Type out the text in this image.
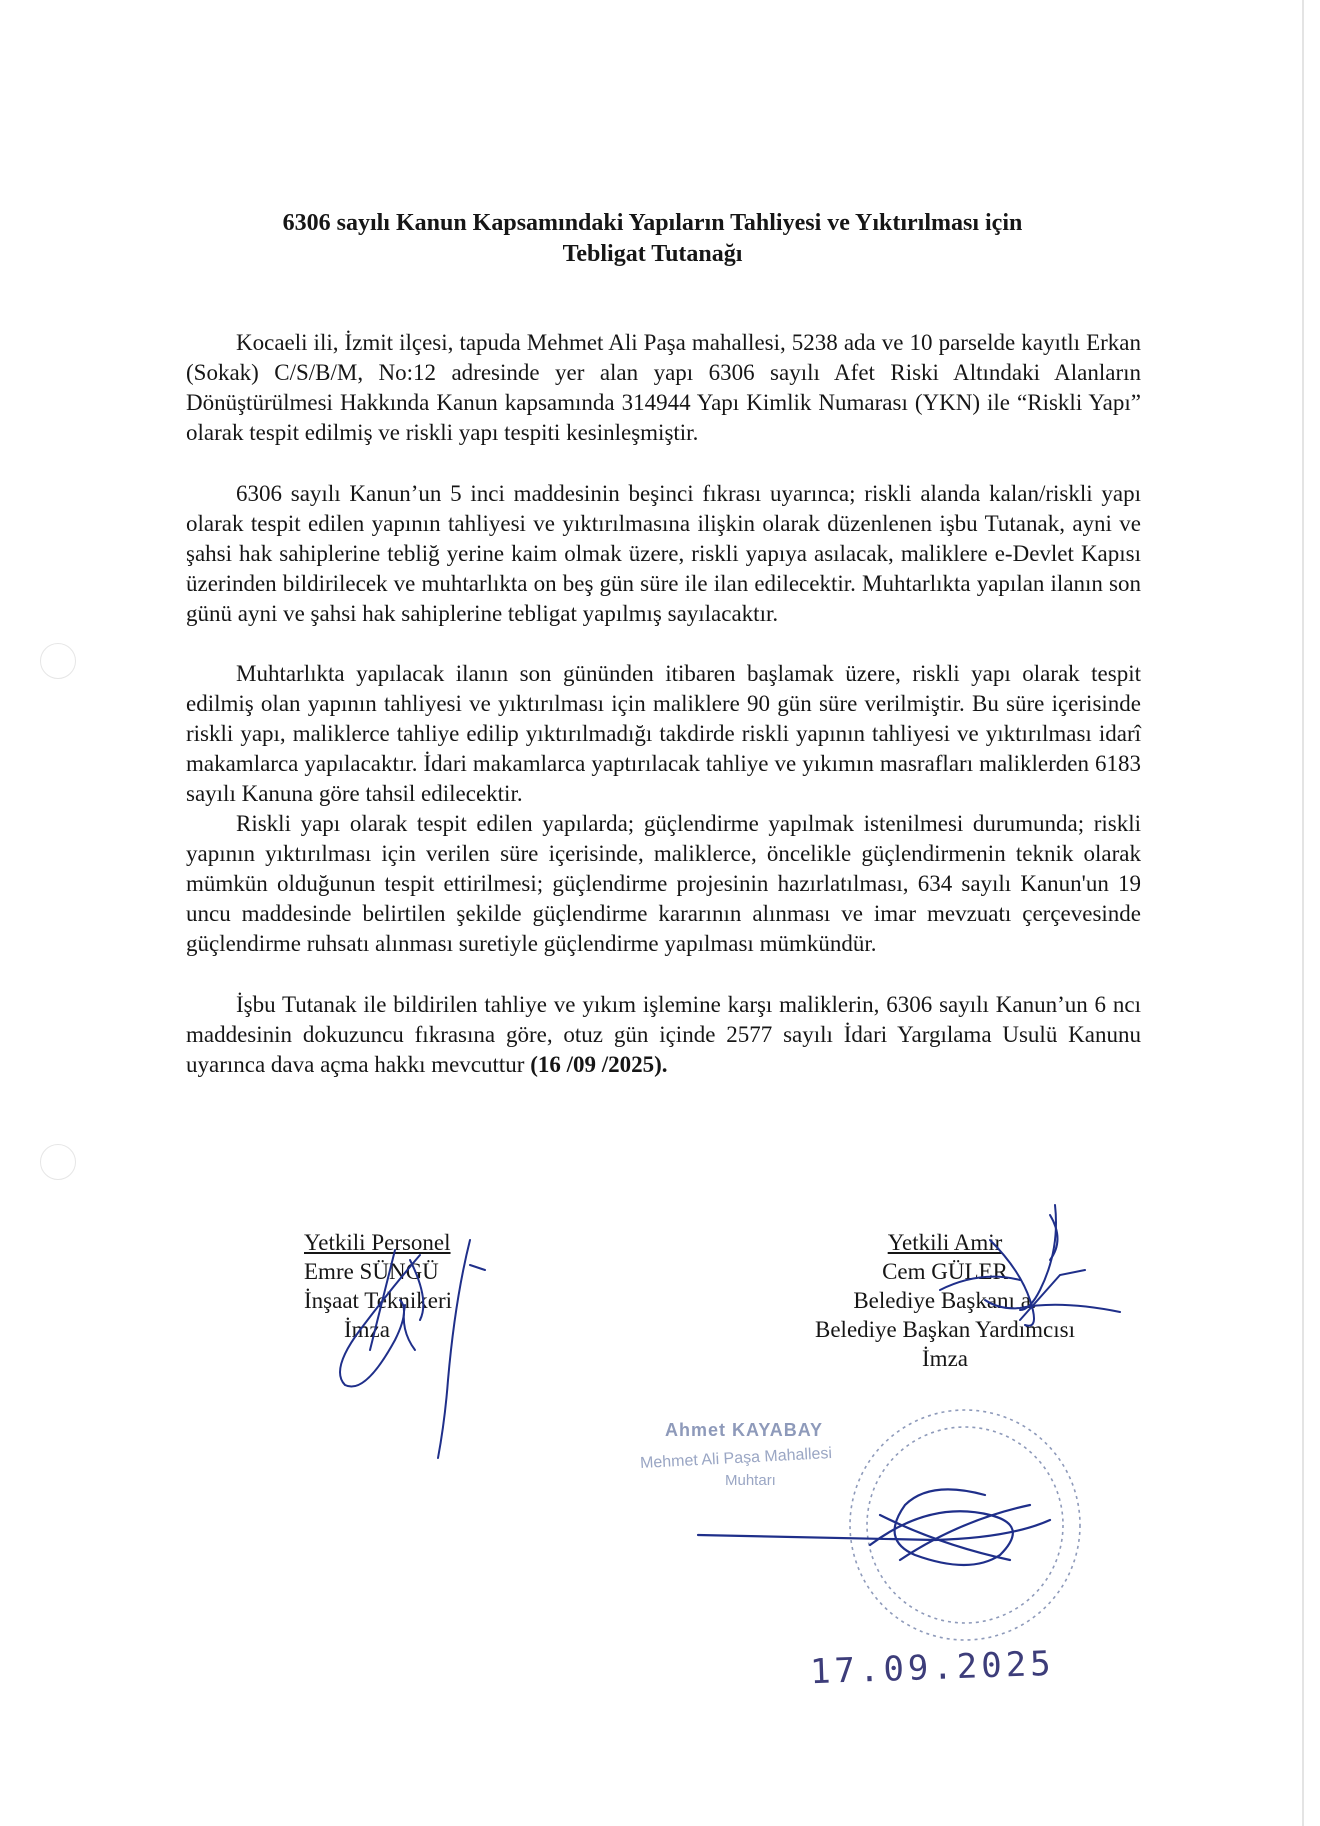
6306 sayılı Kanun Kapsamındaki Yapıların Tahliyesi ve Yıktırılması için
Tebligat Tutanağı

Kocaeli ili, İzmit ilçesi, tapuda Mehmet Ali Paşa mahallesi, 5238 ada ve 10 parselde kayıtlı Erkan (Sokak) C/S/B/M, No:12 adresinde yer alan yapı 6306 sayılı Afet Riski Altındaki Alanların Dönüştürülmesi Hakkında Kanun kapsamında 314944 Yapı Kimlik Numarası (YKN) ile “Riskli Yapı” olarak tespit edilmiş ve riskli yapı tespiti kesinleşmiştir.

6306 sayılı Kanun’un 5 inci maddesinin beşinci fıkrası uyarınca; riskli alanda kalan/riskli yapı olarak tespit edilen yapının tahliyesi ve yıktırılmasına ilişkin olarak düzenlenen işbu Tutanak, ayni ve şahsi hak sahiplerine tebliğ yerine kaim olmak üzere, riskli yapıya asılacak, maliklere e-Devlet Kapısı üzerinden bildirilecek ve muhtarlıkta on beş gün süre ile ilan edilecektir. Muhtarlıkta yapılan ilanın son günü ayni ve şahsi hak sahiplerine tebligat yapılmış sayılacaktır.

Muhtarlıkta yapılacak ilanın son gününden itibaren başlamak üzere, riskli yapı olarak tespit edilmiş olan yapının tahliyesi ve yıktırılması için maliklere 90 gün süre verilmiştir. Bu süre içerisinde riskli yapı, maliklerce tahliye edilip yıktırılmadığı takdirde riskli yapının tahliyesi ve yıktırılması idarî makamlarca yapılacaktır. İdari makamlarca yaptırılacak tahliye ve yıkımın masrafları maliklerden 6183 sayılı Kanuna göre tahsil edilecektir.

Riskli yapı olarak tespit edilen yapılarda; güçlendirme yapılmak istenilmesi durumunda; riskli yapının yıktırılması için verilen süre içerisinde, maliklerce, öncelikle güçlendirmenin teknik olarak mümkün olduğunun tespit ettirilmesi; güçlendirme projesinin hazırlatılması, 634 sayılı Kanun'un 19 uncu maddesinde belirtilen şekilde güçlendirme kararının alınması ve imar mevzuatı çerçevesinde güçlendirme ruhsatı alınması suretiyle güçlendirme yapılması mümkündür.

İşbu Tutanak ile bildirilen tahliye ve yıkım işlemine karşı maliklerin, 6306 sayılı Kanun’un 6 ncı maddesinin dokuzuncu fıkrasına göre, otuz gün içinde 2577 sayılı İdari Yargılama Usulü Kanunu uyarınca dava açma hakkı mevcuttur (16 /09 /2025).

Yetkili Personel
Emre SÜNGÜ
İnşaat Teknikeri
İmza
Yetkili Amir
Cem GÜLER
Belediye Başkanı a.
Belediye Başkan Yardımcısı
İmza
Ahmet KAYABAY
Mehmet Ali Paşa Mahallesi
Muhtarı
17.09.2025
